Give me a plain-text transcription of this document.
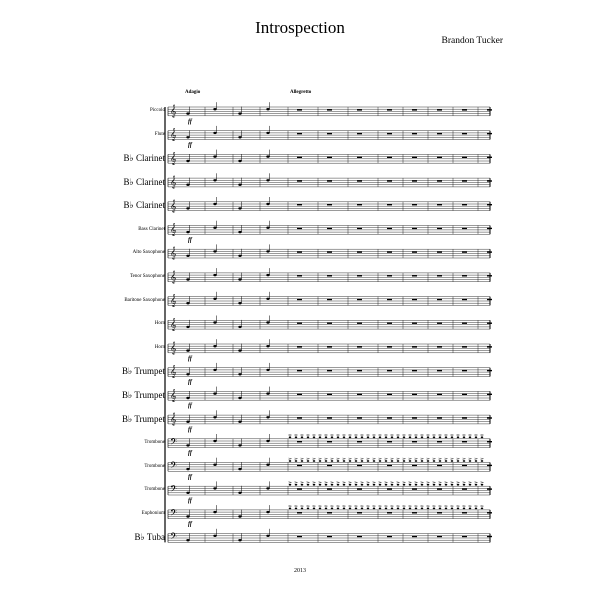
Introspection
Brandon Tucker
Adagio	Allegretto
Piccolo
Flute
B♭ Clarinet
B♭ Clarinet
B♭ Clarinet
Bass Clarinet
Alto Saxophone
Tenor Saxophone
Baritone Saxophone
Horn
Horn
B♭ Trumpet
B♭ Trumpet
B♭ Trumpet
Trombone
Trombone
Trombone
Euphonium
B♭ Tuba
𝄞
ff
𝄞
ff
𝄞
𝄞
𝄞
𝄞
ff
𝄞
𝄞
𝄞
𝄞
𝄞
ff
𝄞
ff
𝄞
ff
𝄞
ff
𝄢
ff
𝄢
ff
𝄢
ff
𝄢
ff
𝄢
2013
